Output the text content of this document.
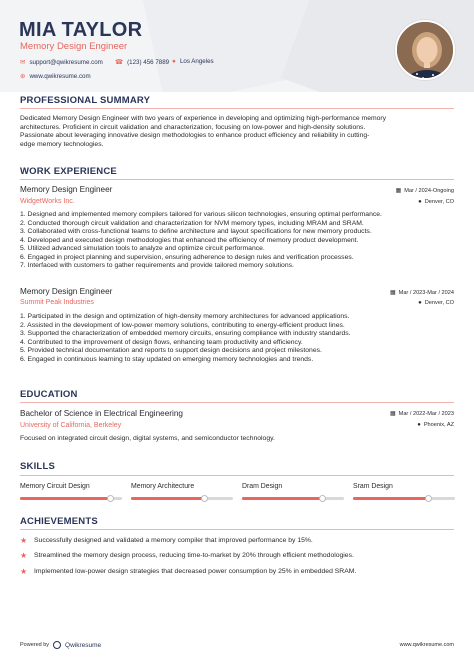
MIA TAYLOR
Memory Design Engineer
✉ support@qwikresume.com ☎ (123) 456 7889 ● Los Angeles
⊕ www.qwikresume.com
PROFESSIONAL SUMMARY
Dedicated Memory Design Engineer with two years of experience in developing and optimizing high-performance memory
architectures. Proficient in circuit validation and characterization, focusing on low-power and high-density solutions.
Passionate about leveraging innovative design methodologies to enhance product efficiency and reliability in cutting-
edge memory technologies.
WORK EXPERIENCE
Memory Design Engineer
WidgetWorks Inc.
▦ Mar / 2024-Ongoing
● Denver, CO
1. Designed and implemented memory compilers tailored for various silicon technologies, ensuring optimal performance.
2. Conducted thorough circuit validation and characterization for NVM memory types, including MRAM and SRAM.
3. Collaborated with cross-functional teams to define architecture and layout specifications for new memory products.
4. Developed and executed design methodologies that enhanced the efficiency of memory product development.
5. Utilized advanced simulation tools to analyze and optimize circuit performance.
6. Engaged in project planning and supervision, ensuring adherence to design rules and verification processes.
7. Interfaced with customers to gather requirements and provide tailored memory solutions.
Memory Design Engineer
Summit Peak Industries
▦ Mar / 2023-Mar / 2024
● Denver, CO
1. Participated in the design and optimization of high-density memory architectures for advanced applications.
2. Assisted in the development of low-power memory solutions, contributing to energy-efficient product lines.
3. Supported the characterization of embedded memory circuits, ensuring compliance with industry standards.
4. Contributed to the improvement of design flows, enhancing team productivity and efficiency.
5. Provided technical documentation and reports to support design decisions and project milestones.
6. Engaged in continuous learning to stay updated on emerging memory technologies and trends.
EDUCATION
Bachelor of Science in Electrical Engineering
University of California, Berkeley
▦ Mar / 2022-Mar / 2023
● Phoenix, AZ
Focused on integrated circuit design, digital systems, and semiconductor technology.
SKILLS
Memory Circuit Design	Memory Architecture	Dram Design	Sram Design
ACHIEVEMENTS
★ Successfully designed and validated a memory compiler that improved performance by 15%.
★ Streamlined the memory design process, reducing time-to-market by 20% through efficient methodologies.
★ Implemented low-power design strategies that decreased power consumption by 25% in embedded SRAM.
Powered by Qwikresume	www.qwikresume.com
